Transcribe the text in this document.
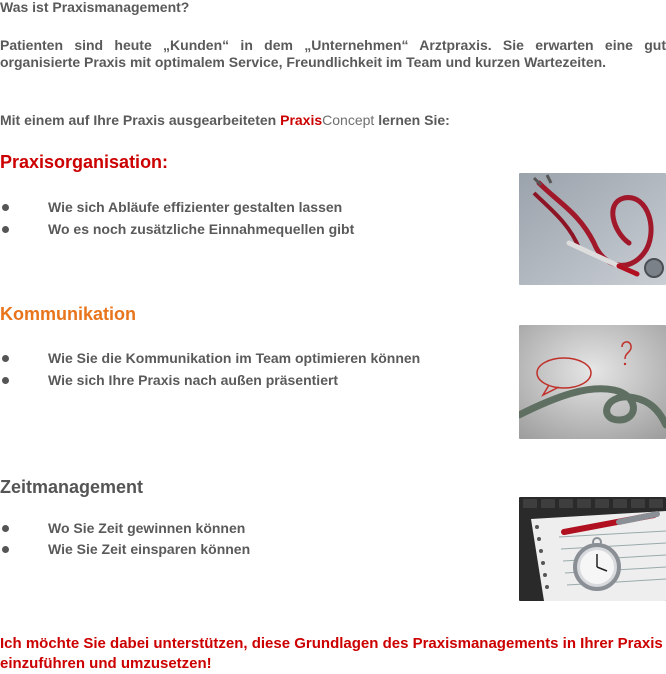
Was ist Praxismanagement?
Patienten sind heute „Kunden“ in dem „Unternehmen“ Arztpraxis. Sie erwarten eine gut organisierte Praxis mit optimalem Service, Freundlichkeit im Team und kurzen Wartezeiten.
Mit einem auf Ihre Praxis ausgearbeiteten PraxisConcept lernen Sie:
Praxisorganisation:
Wie sich Abläufe effizienter gestalten lassen
Wo es noch zusätzliche Einnahmequellen gibt
Kommunikation
Wie Sie die Kommunikation im Team optimieren können
Wie sich Ihre Praxis nach außen präsentiert
Zeitmanagement
Wo Sie Zeit gewinnen können
Wie Sie Zeit einsparen können
Ich möchte Sie dabei unterstützen, diese Grundlagen des Praxismanagements in Ihrer Praxis einzuführen und umzusetzen!
